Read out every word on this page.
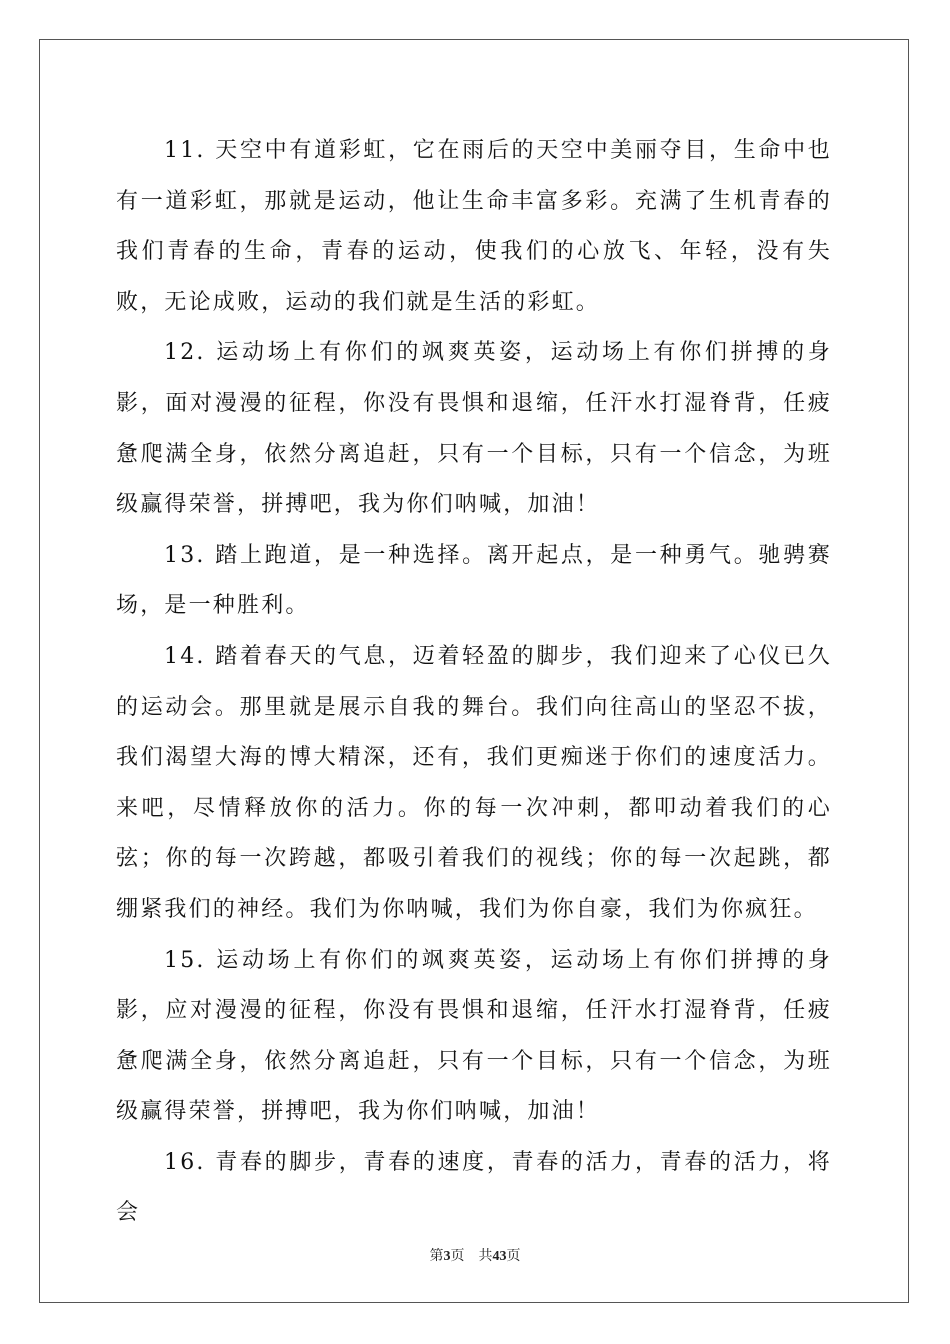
11. 天空中有道彩虹，它在雨后的天空中美丽夺目，生命中也有一道彩虹，那就是运动，他让生命丰富多彩。充满了生机青春的我们青春的生命，青春的运动，使我们的心放飞、年轻，没有失败，无论成败，运动的我们就是生活的彩虹。

12. 运动场上有你们的飒爽英姿，运动场上有你们拼搏的身影，面对漫漫的征程，你没有畏惧和退缩，任汗水打湿脊背，任疲惫爬满全身，依然分离追赶，只有一个目标，只有一个信念，为班级赢得荣誉，拼搏吧，我为你们呐喊，加油！

13. 踏上跑道，是一种选择。离开起点，是一种勇气。驰骋赛场，是一种胜利。

14. 踏着春天的气息，迈着轻盈的脚步，我们迎来了心仪已久的运动会。那里就是展示自我的舞台。我们向往高山的坚忍不拔，我们渴望大海的博大精深，还有，我们更痴迷于你们的速度活力。来吧，尽情释放你的活力。你的每一次冲刺，都叩动着我们的心弦；你的每一次跨越，都吸引着我们的视线；你的每一次起跳，都绷紧我们的神经。我们为你呐喊，我们为你自豪，我们为你疯狂。

15. 运动场上有你们的飒爽英姿，运动场上有你们拼搏的身影，应对漫漫的征程，你没有畏惧和退缩，任汗水打湿脊背，任疲惫爬满全身，依然分离追赶，只有一个目标，只有一个信念，为班级赢得荣誉，拼搏吧，我为你们呐喊，加油！

16. 青春的脚步，青春的速度，青春的活力，青春的活力，将会

第3页 共43页
